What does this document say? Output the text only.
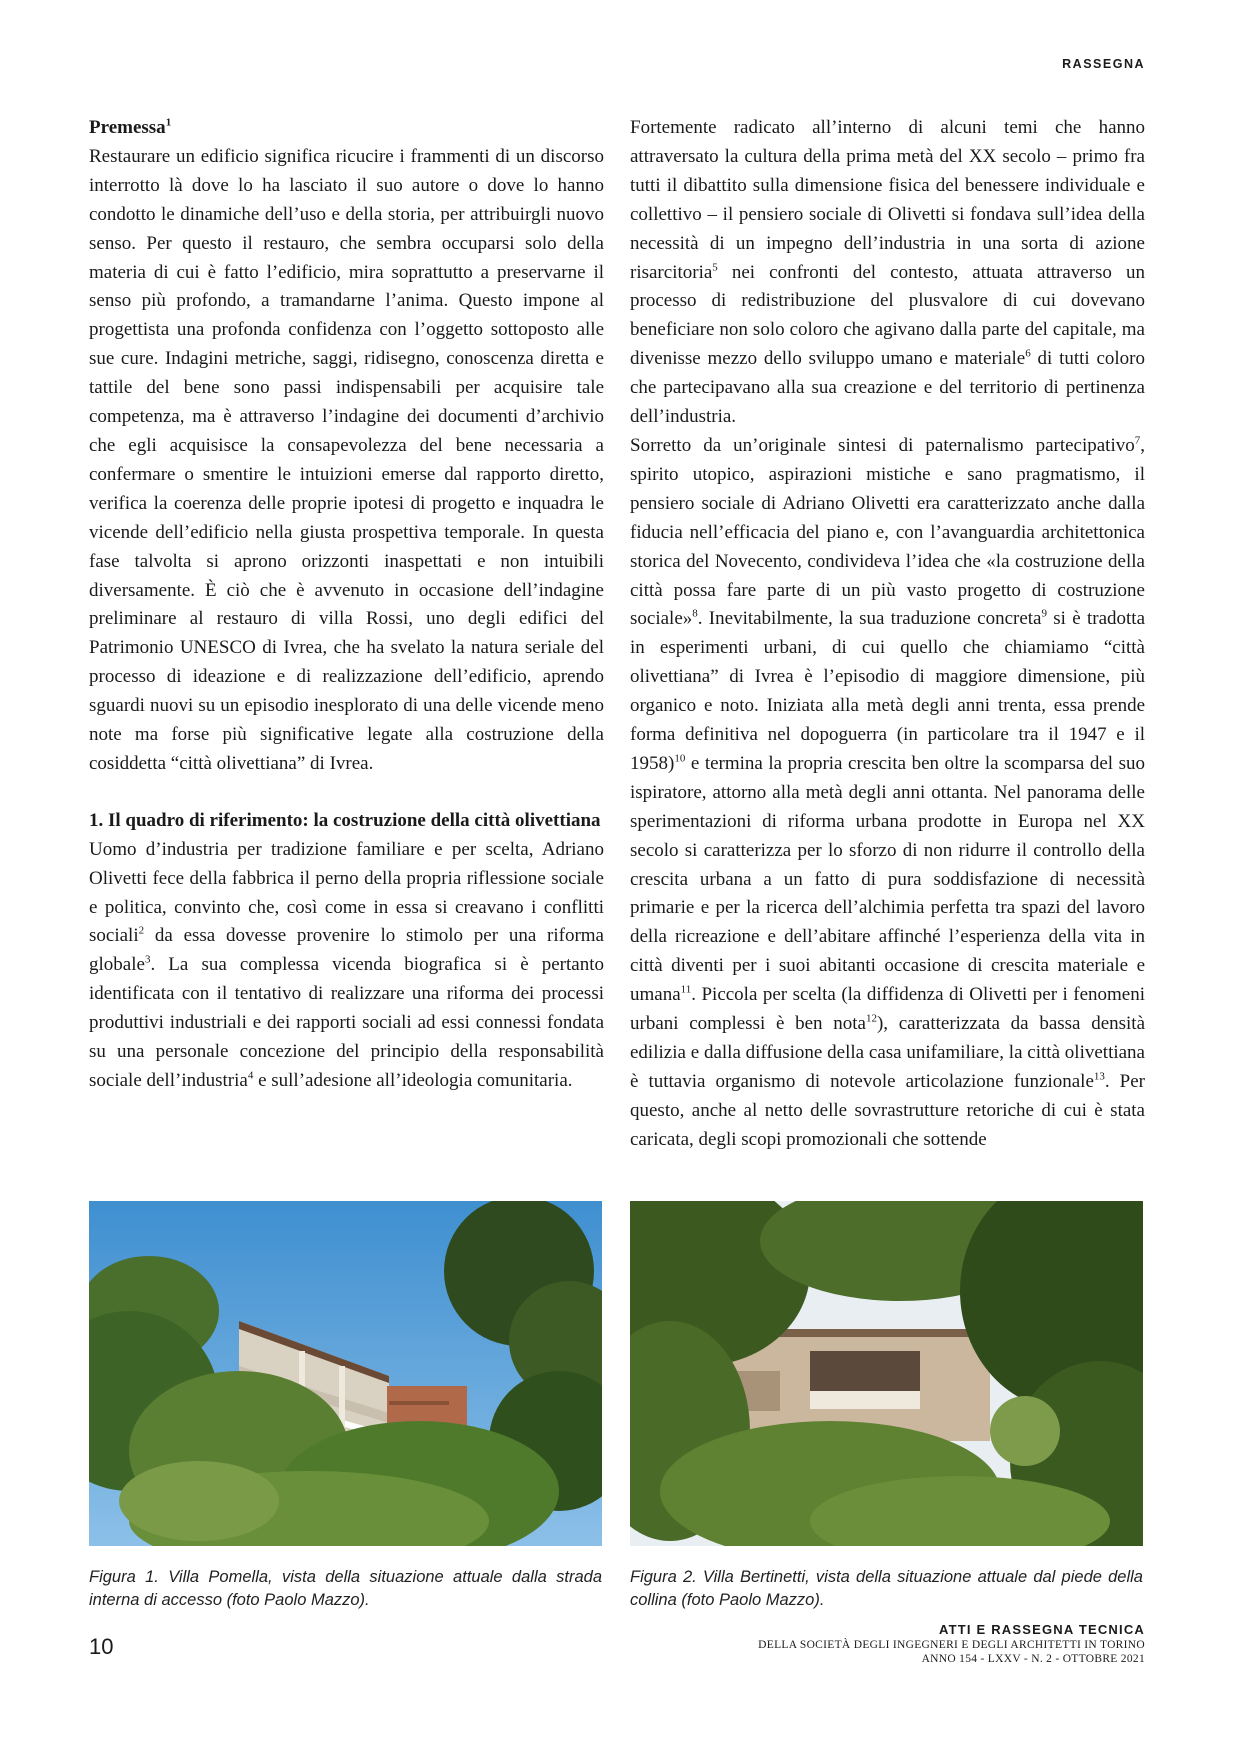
RASSEGNA
Premessa$^1$

Restaurare un edificio significa ricucire i frammenti di un discorso interrotto là dove lo ha lasciato il suo autore o dove lo hanno condotto le dinamiche dell’uso e della storia, per attribuirgli nuovo senso. Per questo il restauro, che sembra occuparsi solo della materia di cui è fatto l’edificio, mira soprattutto a preservarne il senso più profondo, a tramandarne l’anima. Questo impone al progettista una profonda confidenza con l’oggetto sottoposto alle sue cure. Indagini metriche, saggi, ridisegno, conoscenza diretta e tattile del bene sono passi indispensabili per acquisire tale competenza, ma è attraverso l’indagine dei documenti d’archivio che egli acquisisce la consapevolezza del bene necessaria a confermare o smentire le intuizioni emerse dal rapporto diretto, verifica la coerenza delle proprie ipotesi di progetto e inquadra le vicende dell’edificio nella giusta prospettiva temporale. In questa fase talvolta si aprono orizzonti inaspettati e non intuibili diversamente. È ciò che è avvenuto in occasione dell’indagine preliminare al restauro di villa Rossi, uno degli edifici del Patrimonio UNESCO di Ivrea, che ha svelato la natura seriale del processo di ideazione e di realizzazione dell’edificio, aprendo sguardi nuovi su un episodio inesplorato di una delle vicende meno note ma forse più significative legate alla costruzione della cosiddetta “città olivettiana” di Ivrea.

1. Il quadro di riferimento: la costruzione della città olivettiana

Uomo d’industria per tradizione familiare e per scelta, Adriano Olivetti fece della fabbrica il perno della propria riflessione sociale e politica, convinto che, così come in essa si creavano i conflitti sociali$^2$ da essa dovesse provenire lo stimolo per una riforma globale$^3$. La sua complessa vicenda biografica si è pertanto identificata con il tentativo di realizzare una riforma dei processi produttivi industriali e dei rapporti sociali ad essi connessi fondata su una personale concezione del principio della responsabilità sociale dell’industria$^4$ e sull’adesione all’ideologia comunitaria.

Fortemente radicato all’interno di alcuni temi che hanno attraversato la cultura della prima metà del XX secolo – primo fra tutti il dibattito sulla dimensione fisica del benessere individuale e collettivo – il pensiero sociale di Olivetti si fondava sull’idea della necessità di un impegno dell’industria in una sorta di azione risarcitoria$^5$ nei confronti del contesto, attuata attraverso un processo di redistribuzione del plusvalore di cui dovevano beneficiare non solo coloro che agivano dalla parte del capitale, ma divenisse mezzo dello sviluppo umano e materiale$^6$ di tutti coloro che partecipavano alla sua creazione e del territorio di pertinenza dell’industria.

Sorretto da un’originale sintesi di paternalismo partecipativo$^7$, spirito utopico, aspirazioni mistiche e sano pragmatismo, il pensiero sociale di Adriano Olivetti era caratterizzato anche dalla fiducia nell’efficacia del piano e, con l’avanguardia architettonica storica del Novecento, condivideva l’idea che «la costruzione della città possa fare parte di un più vasto progetto di costruzione sociale»$^8$. Inevitabilmente, la sua traduzione concreta$^9$ si è tradotta in esperimenti urbani, di cui quello che chiamiamo “città olivettiana” di Ivrea è l’episodio di maggiore dimensione, più organico e noto. Iniziata alla metà degli anni trenta, essa prende forma definitiva nel dopoguerra (in particolare tra il 1947 e il 1958)$^{10}$ e termina la propria crescita ben oltre la scomparsa del suo ispiratore, attorno alla metà degli anni ottanta. Nel panorama delle sperimentazioni di riforma urbana prodotte in Europa nel XX secolo si caratterizza per lo sforzo di non ridurre il controllo della crescita urbana a un fatto di pura soddisfazione di necessità primarie e per la ricerca dell’alchimia perfetta tra spazi del lavoro della ricreazione e dell’abitare affinché l’esperienza della vita in città diventi per i suoi abitanti occasione di crescita materiale e umana$^{11}$. Piccola per scelta (la diffidenza di Olivetti per i fenomeni urbani complessi è ben nota$^{12}$), caratterizzata da bassa densità edilizia e dalla diffusione della casa unifamiliare, la città olivettiana è tuttavia organismo di notevole articolazione funzionale$^{13}$. Per questo, anche al netto delle sovrastrutture retoriche di cui è stata caricata, degli scopi promozionali che sottende

Figura 1. Villa Pomella, vista della situazione attuale dalla strada interna di accesso (foto Paolo Mazzo).
Figura 2. Villa Bertinetti, vista della situazione attuale dal piede della collina (foto Paolo Mazzo).
10
ATTI E RASSEGNA TECNICA
DELLA SOCIETÀ DEGLI INGEGNERI E DEGLI ARCHITETTI IN TORINO
ANNO 154 - LXXV - N. 2 - OTTOBRE 2021
